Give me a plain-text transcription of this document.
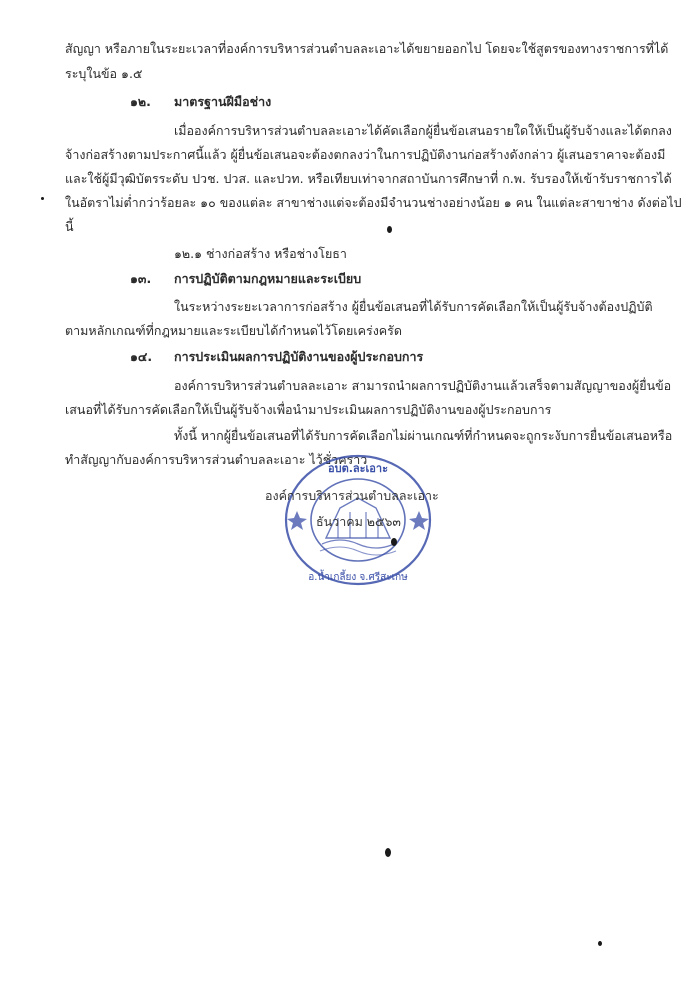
สัญญา หรือภายในระยะเวลาที่องค์การบริหารส่วนตำบลละเอาะได้ขยายออกไป โดยจะใช้สูตรของทางราชการที่ได้
ระบุในข้อ ๑.๕
๑๒. มาตรฐานฝีมือช่าง
เมื่อองค์การบริหารส่วนตำบลละเอาะได้คัดเลือกผู้ยื่นข้อเสนอรายใดให้เป็นผู้รับจ้างและได้ตกลง
จ้างก่อสร้างตามประกาศนี้แล้ว ผู้ยื่นข้อเสนอจะต้องตกลงว่าในการปฏิบัติงานก่อสร้างดังกล่าว ผู้เสนอราคาจะต้องมี
และใช้ผู้มีวุฒิบัตรระดับ ปวช. ปวส. และปวท. หรือเทียบเท่าจากสถาบันการศึกษาที่ ก.พ. รับรองให้เข้ารับราชการได้
ในอัตราไม่ต่ำกว่าร้อยละ ๑๐ ของแต่ละ สาขาช่างแต่จะต้องมีจำนวนช่างอย่างน้อย ๑ คน ในแต่ละสาขาช่าง ดังต่อไป
นี้
๑๒.๑ ช่างก่อสร้าง หรือช่างโยธา
๑๓. การปฏิบัติตามกฎหมายและระเบียบ
ในระหว่างระยะเวลาการก่อสร้าง ผู้ยื่นข้อเสนอที่ได้รับการคัดเลือกให้เป็นผู้รับจ้างต้องปฏิบัติ
ตามหลักเกณฑ์ที่กฎหมายและระเบียบได้กำหนดไว้โดยเคร่งครัด
๑๔. การประเมินผลการปฏิบัติงานของผู้ประกอบการ
องค์การบริหารส่วนตำบลละเอาะ สามารถนำผลการปฏิบัติงานแล้วเสร็จตามสัญญาของผู้ยื่นข้อ
เสนอที่ได้รับการคัดเลือกให้เป็นผู้รับจ้างเพื่อนำมาประเมินผลการปฏิบัติงานของผู้ประกอบการ
ทั้งนี้ หากผู้ยื่นข้อเสนอที่ได้รับการคัดเลือกไม่ผ่านเกณฑ์ที่กำหนดจะถูกระงับการยื่นข้อเสนอหรือ
ทำสัญญากับองค์การบริหารส่วนตำบลละเอาะ ไว้ชั่วคราว
อบต.ละเอาะ
อ.น้ำเกลี้ยง จ.ศรีสะเกษ
องค์การบริหารส่วนตำบลละเอาะ
ธันวาคม ๒๕๖๓
